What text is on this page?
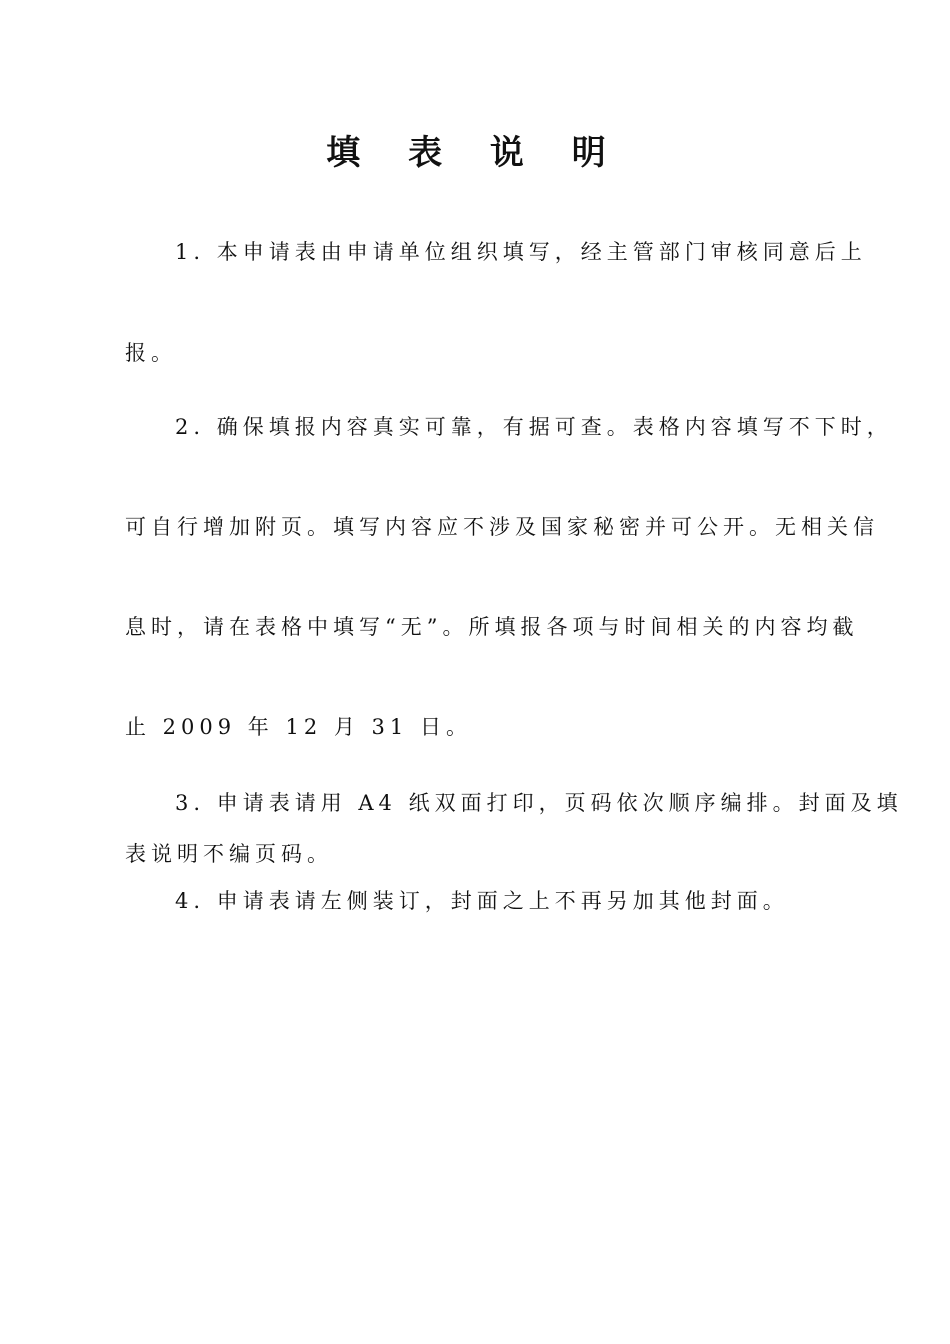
填 表 说 明
1. 本申请表由申请单位组织填写，经主管部门审核同意后上
报。
2. 确保填报内容真实可靠，有据可查。表格内容填写不下时，
可自行增加附页。填写内容应不涉及国家秘密并可公开。无相关信
息时，请在表格中填写“无”。所填报各项与时间相关的内容均截
止 2009 年 12 月 31 日。
3. 申请表请用 A4 纸双面打印，页码依次顺序编排。封面及填
表说明不编页码。
4. 申请表请左侧装订，封面之上不再另加其他封面。
